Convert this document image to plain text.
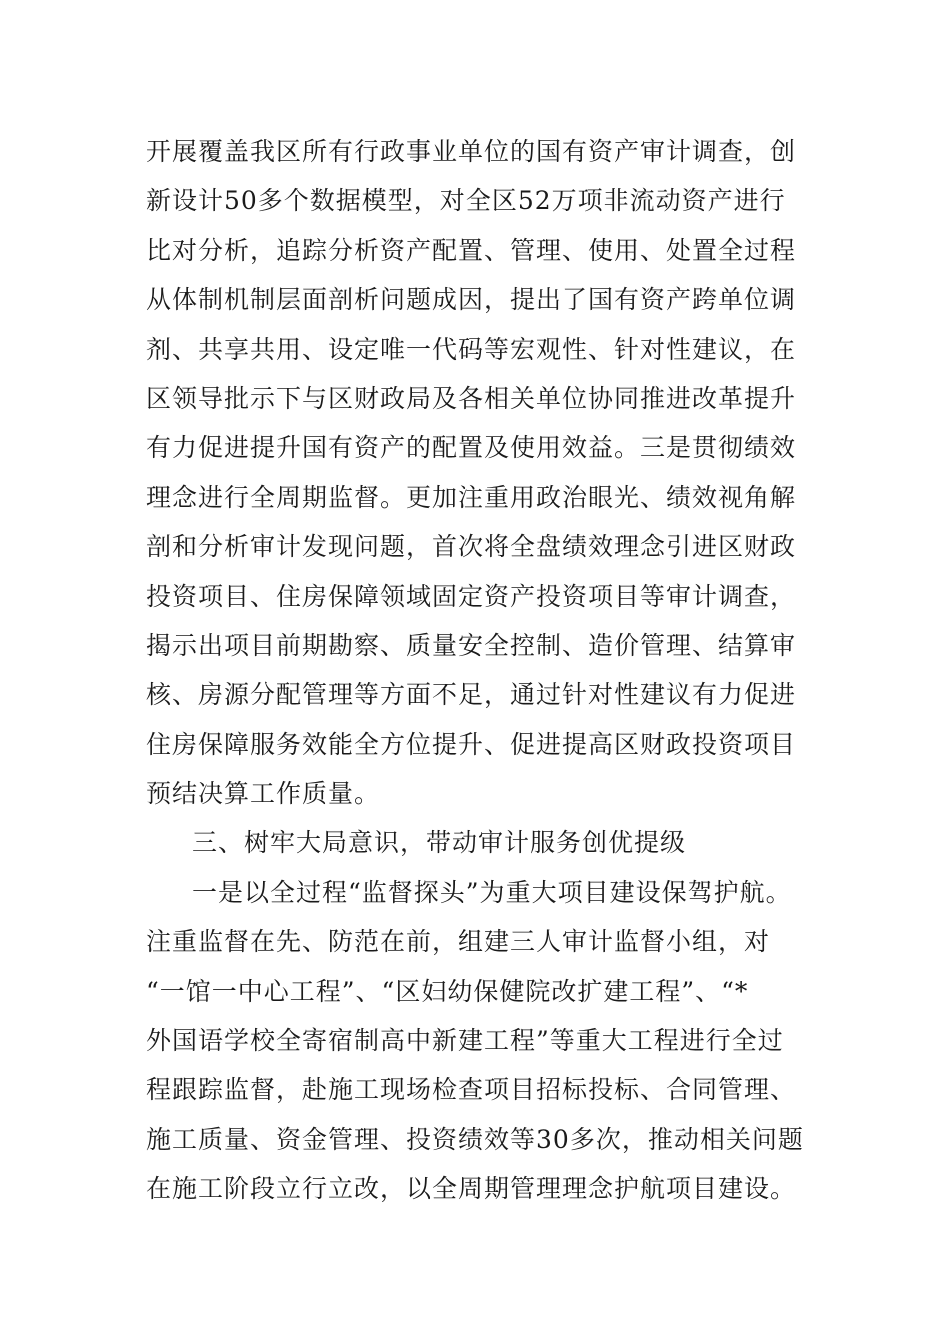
开展覆盖我区所有行政事业单位的国有资产审计调查，创
新设计50多个数据模型，对全区52万项非流动资产进行
比对分析，追踪分析资产配置、管理、使用、处置全过程
从体制机制层面剖析问题成因，提出了国有资产跨单位调
剂、共享共用、设定唯一代码等宏观性、针对性建议，在
区领导批示下与区财政局及各相关单位协同推进改革提升
有力促进提升国有资产的配置及使用效益。三是贯彻绩效
理念进行全周期监督。更加注重用政治眼光、绩效视角解
剖和分析审计发现问题，首次将全盘绩效理念引进区财政
投资项目、住房保障领域固定资产投资项目等审计调查，
揭示出项目前期勘察、质量安全控制、造价管理、结算审
核、房源分配管理等方面不足，通过针对性建议有力促进
住房保障服务效能全方位提升、促进提高区财政投资项目
预结决算工作质量。
三、树牢大局意识，带动审计服务创优提级
一是以全过程“监督探头”为重大项目建设保驾护航。
注重监督在先、防范在前，组建三人审计监督小组，对
“一馆一中心工程”、“区妇幼保健院改扩建工程”、“*
外国语学校全寄宿制高中新建工程”等重大工程进行全过
程跟踪监督，赴施工现场检查项目招标投标、合同管理、
施工质量、资金管理、投资绩效等30多次，推动相关问题
在施工阶段立行立改，以全周期管理理念护航项目建设。
